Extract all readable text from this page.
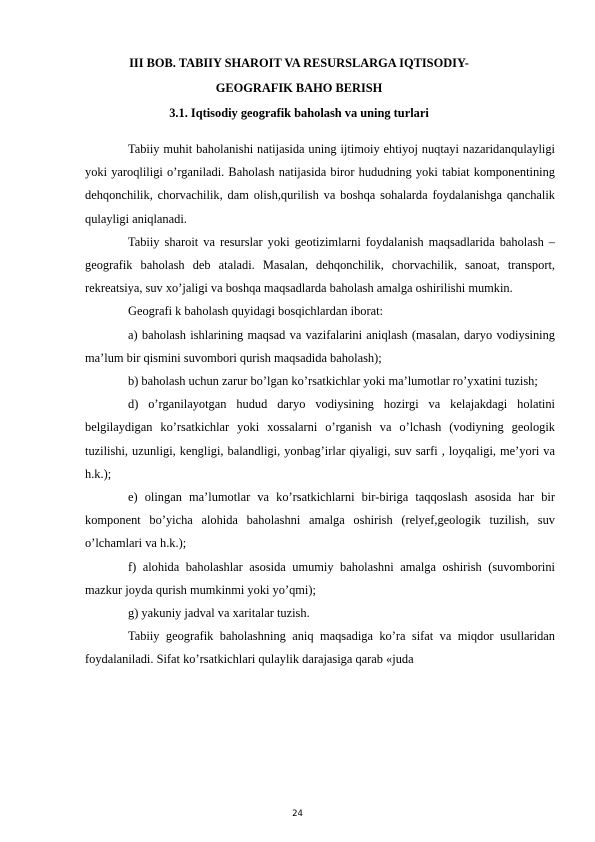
III BOB. TABIIY SHAROIT VA RESURSLARGA IQTISODIY-
GEOGRAFIK BAHO BERISH
3.1. Iqtisodiy geografik baholash va uning turlari

Tabiiy muhit baholanishi natijasida uning ijtimoiy ehtiyoj nuqtayi nazaridanqulayligi yoki yaroqliligi o’rganiladi. Baholash natijasida biror hududning yoki tabiat komponentining dehqonchilik, chorvachilik, dam olish,qurilish va boshqa sohalarda foydalanishga qanchalik qulayligi aniqlanadi.

Tabiiy sharoit va resurslar yoki geotizimlarni foydalanish maqsadlarida baholash – geografik baholash deb ataladi. Masalan, dehqonchilik, chorvachilik, sanoat, transport, rekreatsiya, suv xo’jaligi va boshqa maqsadlarda baholash amalga oshirilishi mumkin.

Geografi k baholash quyidagi bosqichlardan iborat:

a) baholash ishlarining maqsad va vazifalarini aniqlash (masalan, daryo vodiysining ma’lum bir qismini suvombori qurish maqsadida baholash);

b) baholash uchun zarur bo’lgan ko’rsatkichlar yoki ma’lumotlar ro’yxatini tuzish;

d) o’rganilayotgan hudud daryo vodiysining hozirgi va kelajakdagi holatini belgilaydigan ko’rsatkichlar yoki xossalarni o’rganish va o’lchash (vodiyning geologik tuzilishi, uzunligi, kengligi, balandligi, yonbag’irlar qiyaligi, suv sarfi , loyqaligi, me’yori va h.k.);

e) olingan ma’lumotlar va ko’rsatkichlarni bir-biriga taqqoslash asosida har bir komponent bo’yicha alohida baholashni amalga oshirish (relyef,geologik tuzilish, suv o’lchamlari va h.k.);

f) alohida baholashlar asosida umumiy baholashni amalga oshirish (suvomborini mazkur joyda qurish mumkinmi yoki yo’qmi);

g) yakuniy jadval va xaritalar tuzish.

Tabiiy geografik baholashning aniq maqsadiga ko’ra sifat va miqdor usullaridan foydalaniladi. Sifat ko’rsatkichlari qulaylik darajasiga qarab «juda

24
